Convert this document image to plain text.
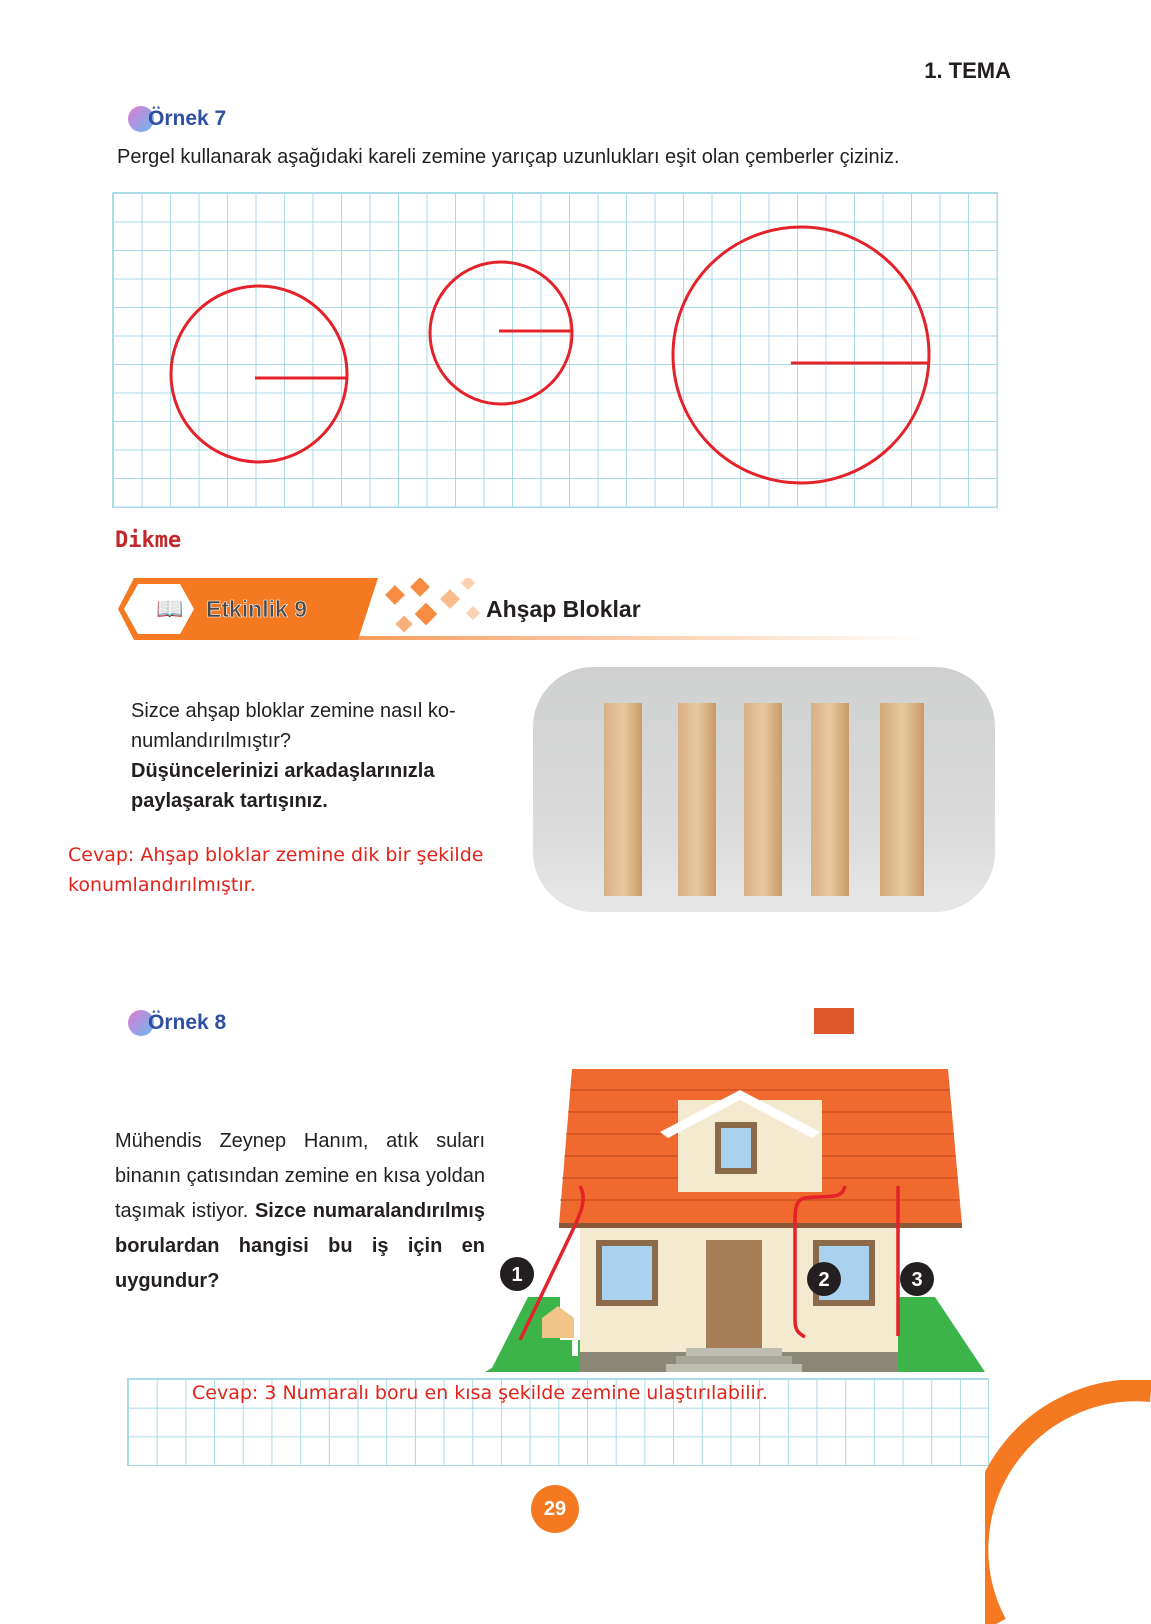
1. TEMA
Örnek 7
Pergel kullanarak aşağıdaki kareli zemine yarıçap uzunlukları eşit olan çemberler çiziniz.
Dikme
📖 Etkinlik 9	Ahşap Bloklar
Sizce ahşap bloklar zemine nasıl ko-numlandırılmıştır?
Düşüncelerinizi arkadaşlarınızla paylaşarak tartışınız.
Cevap: Ahşap bloklar zemine dik bir şekilde konumlandırılmıştır.
Örnek 8
Mühendis Zeynep Hanım, atık suları binanın çatısından zemine en kısa yoldan taşımak istiyor. Sizce numaralandırılmış borulardan hangisi bu iş için en uygundur?	1	2	3
Cevap: 3 Numaralı boru en kısa şekilde zemine ulaştırılabilir.
29
